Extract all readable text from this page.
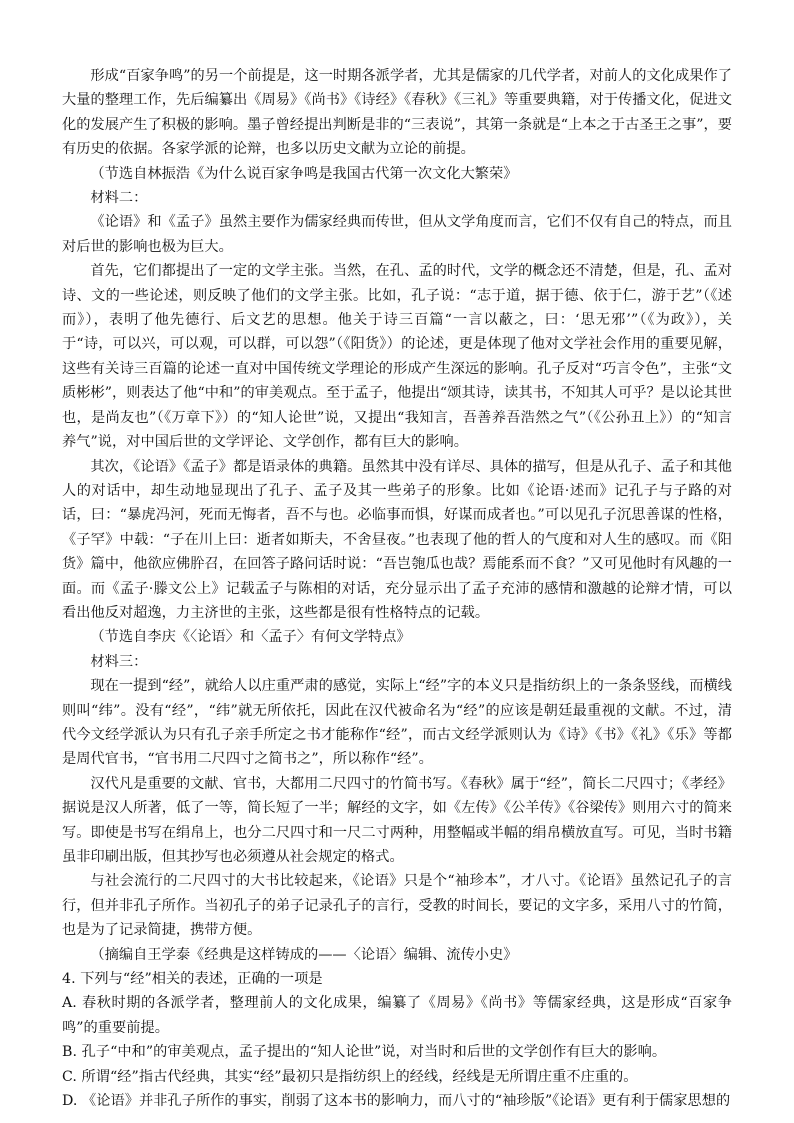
形成“百家争鸣”的另一个前提是，这一时期各派学者，尤其是儒家的几代学者，对前人的文化成果作了大量的整理工作，先后编纂出《周易》《尚书》《诗经》《春秋》《三礼》等重要典籍，对于传播文化，促进文化的发展产生了积极的影响。墨子曾经提出判断是非的“三表说”，其第一条就是“上本之于古圣王之事”，要有历史的依据。各家学派的论辩，也多以历史文献为立论的前提。

（节选自林振浩《为什么说百家争鸣是我国古代第一次文化大繁荣》

材料二：

《论语》和《孟子》虽然主要作为儒家经典而传世，但从文学角度而言，它们不仅有自己的特点，而且对后世的影响也极为巨大。

首先，它们都提出了一定的文学主张。当然，在孔、孟的时代，文学的概念还不清楚，但是，孔、孟对诗、文的一些论述，则反映了他们的文学主张。比如，孔子说：“志于道，据于德、依于仁，游于艺”（《述而》），表明了他先德行、后文艺的思想。他关于诗三百篇“一言以蔽之，曰：‘思无邪’”（《为政》），关于“诗，可以兴，可以观，可以群，可以怨”（《阳货》）的论述，更是体现了他对文学社会作用的重要见解，这些有关诗三百篇的论述一直对中国传统文学理论的形成产生深远的影响。孔子反对“巧言令色”，主张“文质彬彬”，则表达了他“中和”的审美观点。至于孟子，他提出“颂其诗，读其书，不知其人可乎？是以论其世也，是尚友也”（《万章下》）的“知人论世”说，又提出“我知言，吾善养吾浩然之气”（《公孙丑上》）的“知言养气”说，对中国后世的文学评论、文学创作，都有巨大的影响。

其次，《论语》《孟子》都是语录体的典籍。虽然其中没有详尽、具体的描写，但是从孔子、孟子和其他人的对话中，却生动地显现出了孔子、孟子及其一些弟子的形象。比如《论语·述而》记孔子与子路的对话，曰：“暴虎冯河，死而无悔者，吾不与也。必临事而惧，好谋而成者也。”可以见孔子沉思善谋的性格，《子罕》中载：“子在川上曰：逝者如斯夫，不舍昼夜。”也表现了他的哲人的气度和对人生的感叹。而《阳货》篇中，他欲应佛肸召，在回答子路问话时说：“吾岂匏瓜也哉？焉能系而不食？”又可见他时有风趣的一面。而《孟子·滕文公上》记载孟子与陈相的对话，充分显示出了孟子充沛的感情和激越的论辩才情，可以看出他反对超逸，力主济世的主张，这些都是很有性格特点的记载。

（节选自李庆《〈论语〉和〈孟子〉有何文学特点》

材料三：

现在一提到“经”，就给人以庄重严肃的感觉，实际上“经”字的本义只是指纺织上的一条条竖线，而横线则叫“纬”。没有“经”，“纬”就无所依托，因此在汉代被命名为“经”的应该是朝廷最重视的文献。不过，清代今文经学派认为只有孔子亲手所定之书才能称作“经”，而古文经学派则认为《诗》《书》《礼》《乐》等都是周代官书，“官书用二尺四寸之简书之”，所以称作“经”。

汉代凡是重要的文献、官书，大都用二尺四寸的竹简书写。《春秋》属于“经”，简长二尺四寸；《孝经》据说是汉人所著，低了一等，简长短了一半；解经的文字，如《左传》《公羊传》《谷梁传》则用六寸的简来写。即使是书写在绢帛上，也分二尺四寸和一尺二寸两种，用整幅或半幅的绢帛横放直写。可见，当时书籍虽非印刷出版，但其抄写也必须遵从社会规定的格式。

与社会流行的二尺四寸的大书比较起来，《论语》只是个“袖珍本”，才八寸。《论语》虽然记孔子的言行，但并非孔子所作。当初孔子的弟子记录孔子的言行，受教的时间长，要记的文字多，采用八寸的竹简，也是为了记录简捷，携带方便。

（摘编自王学泰《经典是这样铸成的——〈论语〉编辑、流传小史》

4. 下列与“经”相关的表述，正确的一项是

A. 春秋时期的各派学者，整理前人的文化成果，编纂了《周易》《尚书》等儒家经典，这是形成“百家争鸣”的重要前提。

B. 孔子“中和”的审美观点，孟子提出的“知人论世”说，对当时和后世的文学创作有巨大的影响。

C. 所谓“经”指古代经典，其实“经”最初只是指纺织上的经线，经线是无所谓庄重不庄重的。

D. 《论语》并非孔子所作的事实，削弱了这本书的影响力，而八寸的“袖珍版”《论语》更有利于儒家思想的
